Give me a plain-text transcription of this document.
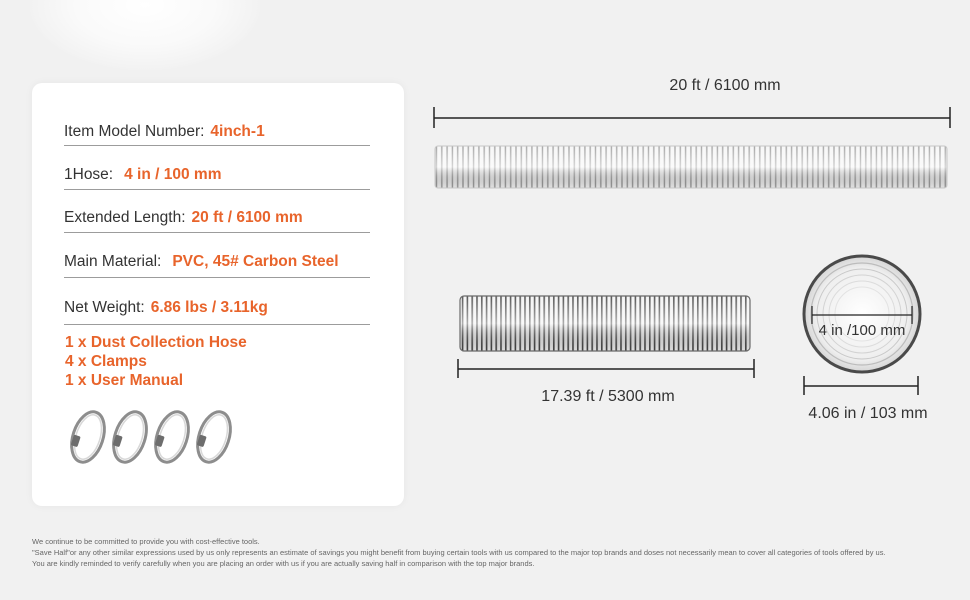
Item Model Number: 4inch-1
1Hose: 4 in / 100 mm
Extended Length: 20 ft / 6100 mm
Main Material: PVC, 45# Carbon Steel
Net Weight: 6.86 lbs / 3.11kg
1 x Dust Collection Hose
4 x Clamps
1 x User Manual
20 ft / 6100 mm
17.39 ft / 5300 mm
4 in /100 mm
4.06 in / 103 mm
We continue to be committed to provide you with cost-effective tools.
"Save Half"or any other similar expressions used by us only represents an estimate of savings you might benefit from buying certain tools with us compared to the major top brands and doses not necessarily mean to cover all categories of tools offered by us.
You are kindly reminded to verify carefully when you are placing an order with us if you are actually saving half in comparison with the top major brands.
